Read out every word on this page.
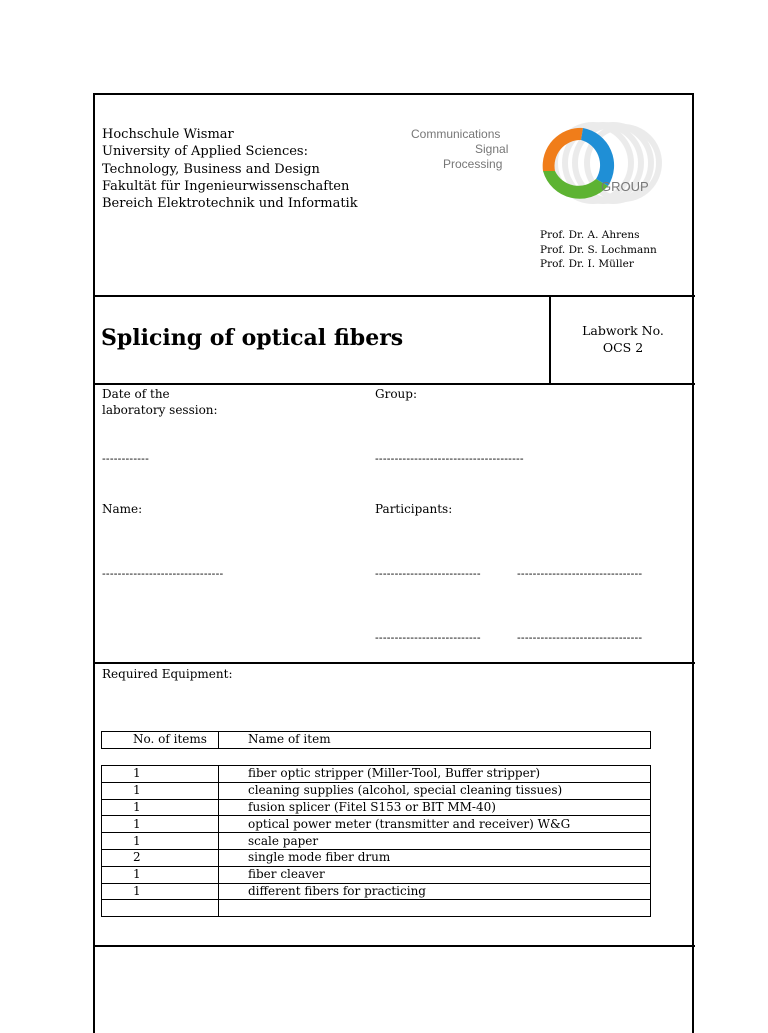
Hochschule Wismar
University of Applied Sciences:
Technology, Business and Design
Fakultät für Ingenieurwissenschaften
Bereich Elektrotechnik und Informatik
Communications
Signal
Processing
GROUP
Prof. Dr. A. Ahrens
Prof. Dr. S. Lochmann
Prof. Dr. I. Müller
Splicing of optical fibers	Labwork No.
OCS 2
Date of the
laboratory session:
Group:
------------	--------------------------------------
Name:	Participants:
-------------------------------	---------------------------	--------------------------------
---------------------------	--------------------------------
Required Equipment:
No. of items	Name of item
1	fiber optic stripper (Miller-Tool, Buffer stripper)
1	cleaning supplies (alcohol, special cleaning tissues)
1	fusion splicer (Fitel S153 or BIT MM-40)
1	optical power meter (transmitter and receiver) W&G
1	scale paper
2	single mode fiber drum
1	fiber cleaver
1	different fibers for practicing
